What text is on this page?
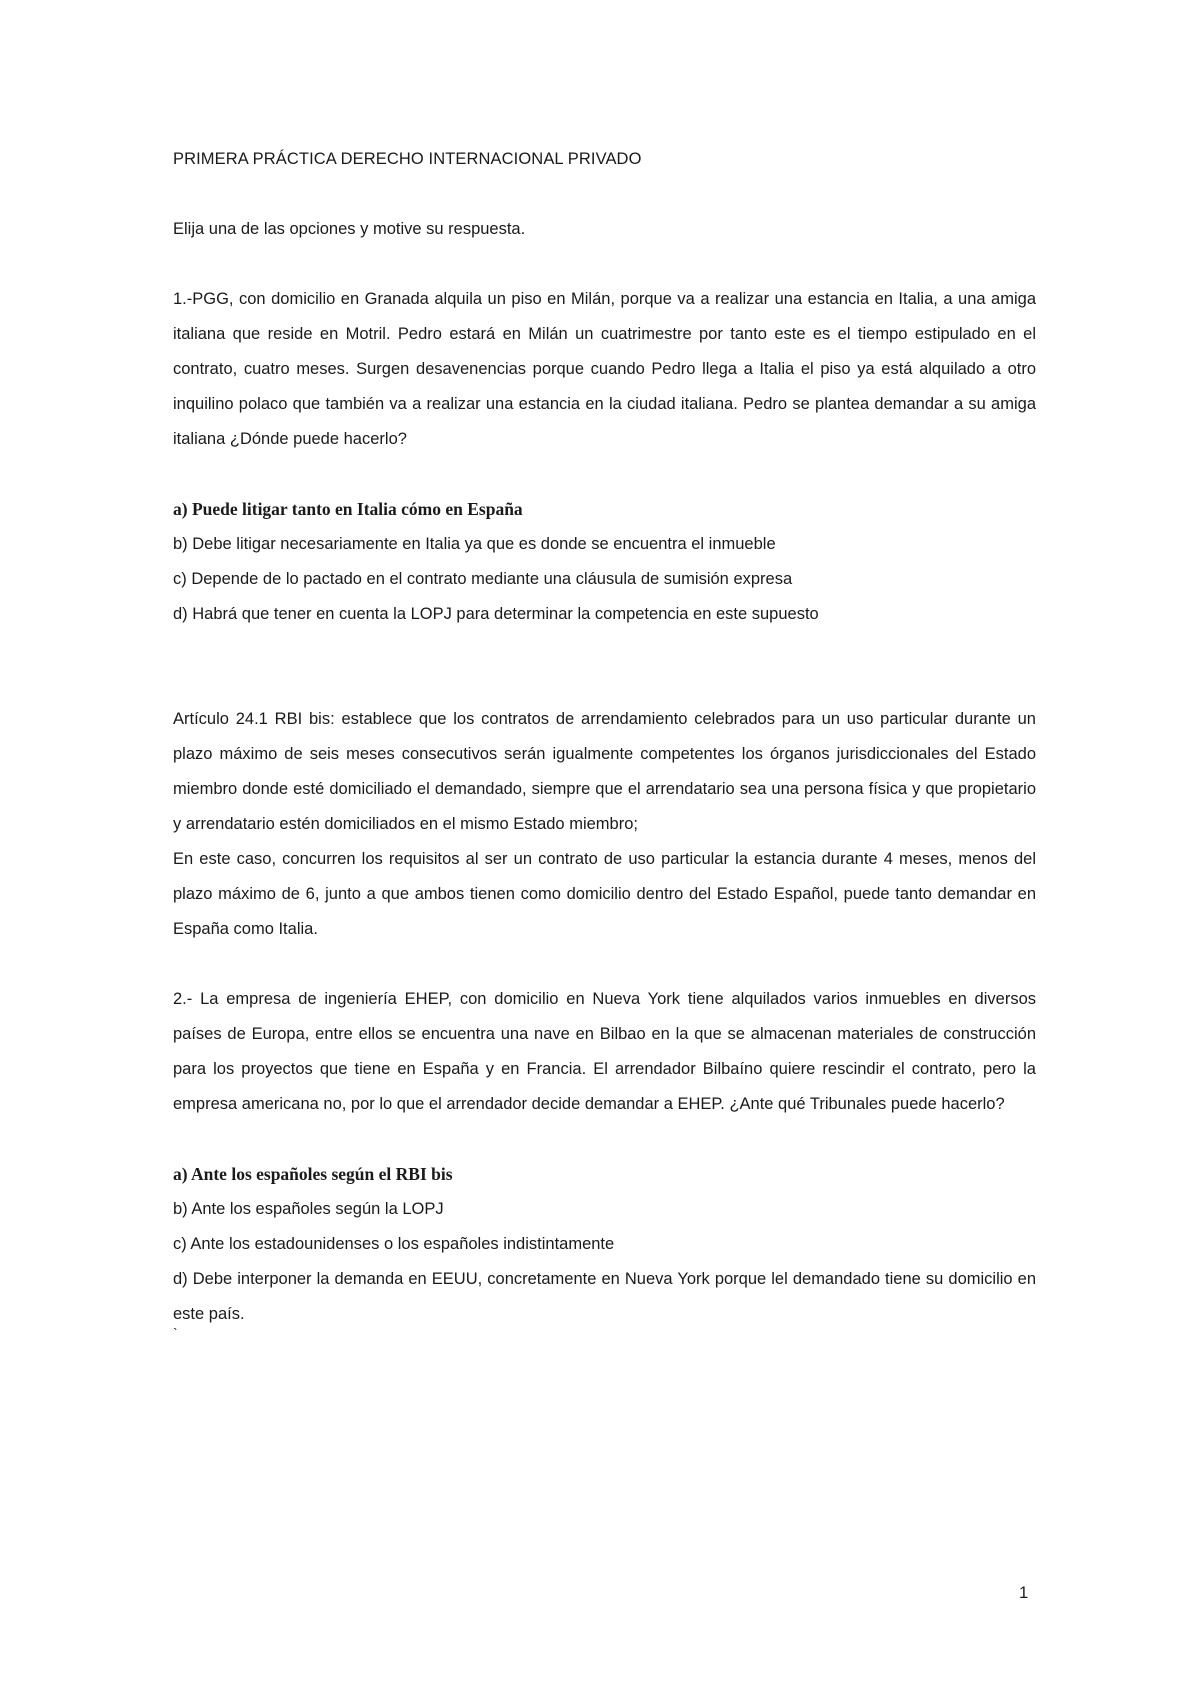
PRIMERA PRÁCTICA DERECHO INTERNACIONAL PRIVADO

Elija una de las opciones y motive su respuesta.

1.-PGG, con domicilio en Granada alquila un piso en Milán, porque va a realizar una estancia en Italia, a una amiga italiana que reside en Motril. Pedro estará en Milán un cuatrimestre por tanto este es el tiempo estipulado en el contrato, cuatro meses. Surgen desavenencias porque cuando Pedro llega a Italia el piso ya está alquilado a otro inquilino polaco que también va a realizar una estancia en la ciudad italiana. Pedro se plantea demandar a su amiga italiana ¿Dónde puede hacerlo?

a) Puede litigar tanto en Italia cómo en España
b) Debe litigar necesariamente en Italia ya que es donde se encuentra el inmueble
c) Depende de lo pactado en el contrato mediante una cláusula de sumisión expresa
d) Habrá que tener en cuenta la LOPJ para determinar la competencia en este supuesto

Artículo 24.1 RBI bis: establece que los contratos de arrendamiento celebrados para un uso particular durante un plazo máximo de seis meses consecutivos serán igualmente competentes los órganos jurisdiccionales del Estado miembro donde esté domiciliado el demandado, siempre que el arrendatario sea una persona física y que propietario y arrendatario estén domiciliados en el mismo Estado miembro;

En este caso, concurren los requisitos al ser un contrato de uso particular la estancia durante 4 meses, menos del plazo máximo de 6, junto a que ambos tienen como domicilio dentro del Estado Español, puede tanto demandar en España como Italia.

2.- La empresa de ingeniería EHEP, con domicilio en Nueva York tiene alquilados varios inmuebles en diversos países de Europa, entre ellos se encuentra una nave en Bilbao en la que se almacenan materiales de construcción para los proyectos que tiene en España y en Francia. El arrendador Bilbaíno quiere rescindir el contrato, pero la empresa americana no, por lo que el arrendador decide demandar a EHEP. ¿Ante qué Tribunales puede hacerlo?

a) Ante los españoles según el RBI bis
b) Ante los españoles según la LOPJ
c) Ante los estadounidenses o los españoles indistintamente
d) Debe interponer la demanda en EEUU, concretamente en Nueva York porque lel demandado tiene su domicilio en este país.

`

1
